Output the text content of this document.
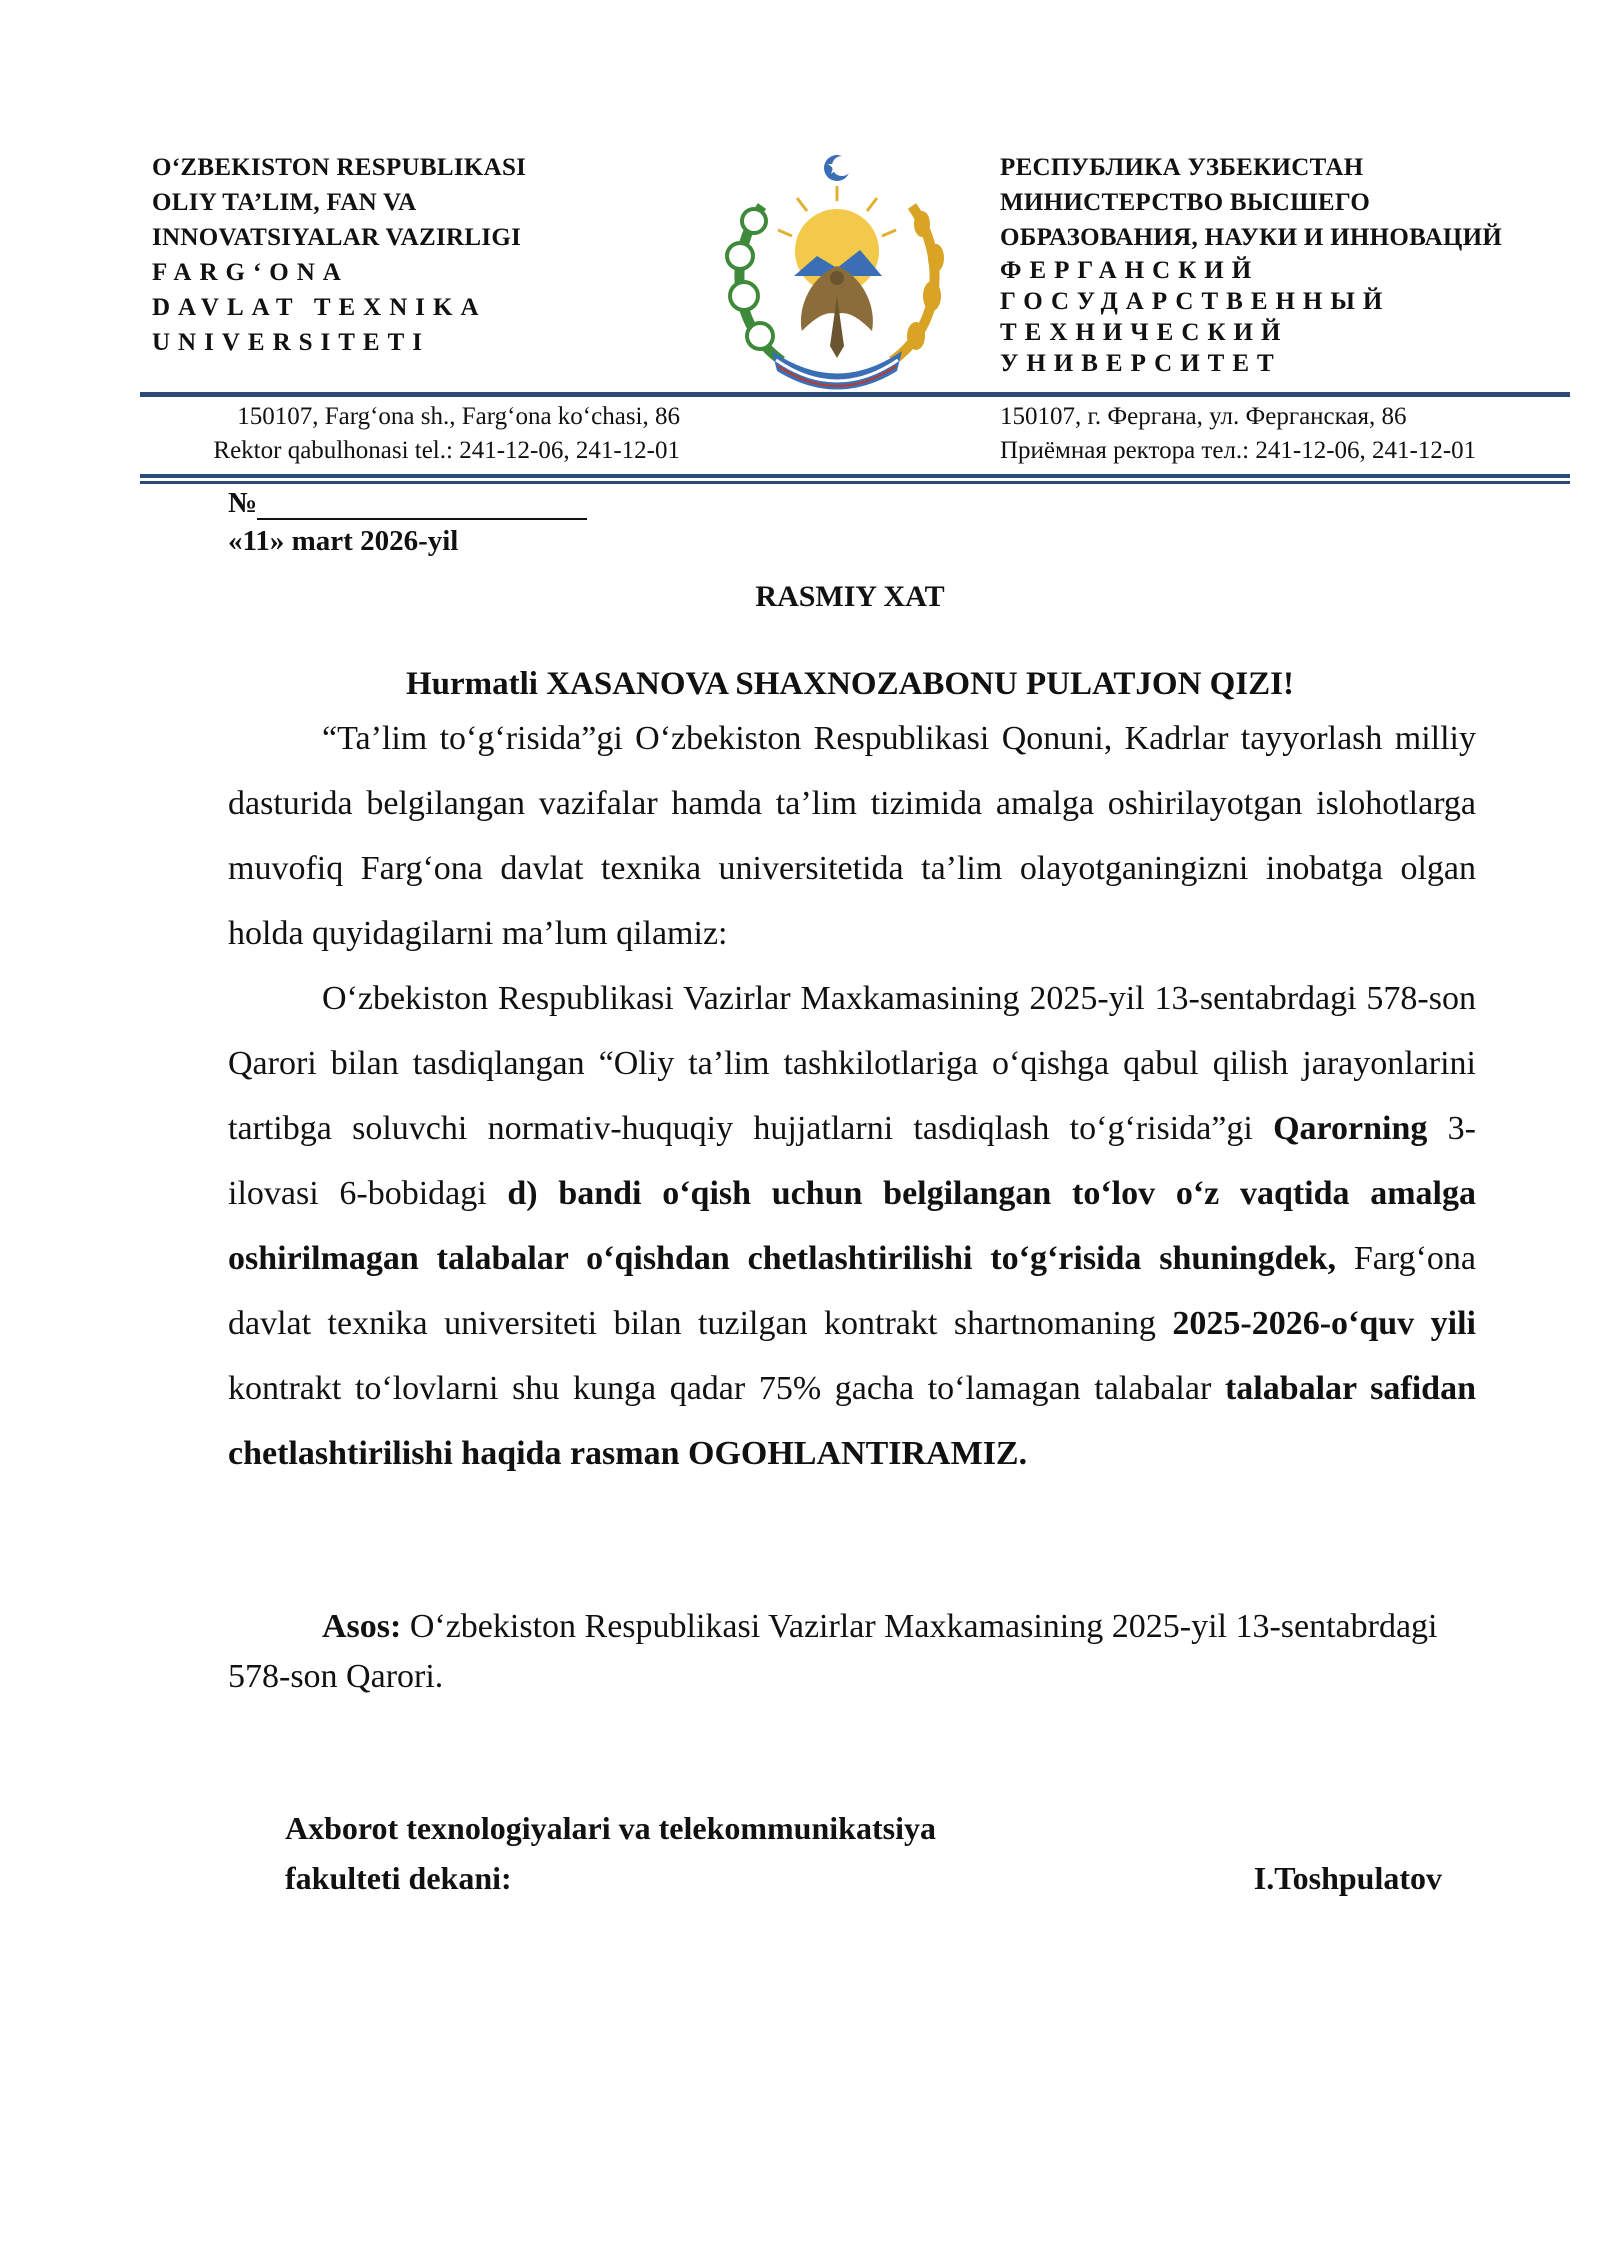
O‘ZBEKISTON RESPUBLIKASI
OLIY TA’LIM, FAN VA
INNOVATSIYALAR VAZIRLIGI
FARG‘ONA
DAVLAT TEXNIKA
UNIVERSITETI
РЕСПУБЛИКА УЗБЕКИСТАН
МИНИСТЕРСТВО ВЫСШЕГО
ОБРАЗОВАНИЯ, НАУКИ И ИННОВАЦИЙ
ФЕРГАНСКИЙ
ГОСУДАРСТВЕННЫЙ
ТЕХНИЧЕСКИЙ
УНИВЕРСИТЕТ
150107, Farg‘ona sh., Farg‘ona ko‘chasi, 86
Rektor qabulhonasi tel.: 241-12-06, 241-12-01
150107, г. Фергана, ул. Ферганская, 86
Приёмная ректора тел.: 241-12-06, 241-12-01
№
«11» mart 2026-yil
RASMIY XAT
Hurmatli XASANOVA SHAXNOZABONU PULATJON QIZI!

“Ta’lim to‘g‘risida”gi O‘zbekiston Respublikasi Qonuni, Kadrlar tayyorlash milliy dasturida belgilangan vazifalar hamda ta’lim tizimida amalga oshirilayotgan islohotlarga muvofiq Farg‘ona davlat texnika universitetida ta’lim olayotganingizni inobatga olgan holda quyidagilarni ma’lum qilamiz:

O‘zbekiston Respublikasi Vazirlar Maxkamasining 2025-yil 13-sentabrdagi 578-son Qarori bilan tasdiqlangan “Oliy ta’lim tashkilotlariga o‘qishga qabul qilish jarayonlarini tartibga soluvchi normativ-huquqiy hujjatlarni tasdiqlash to‘g‘risida”gi Qarorning 3-ilovasi 6-bobidagi d) bandi o‘qish uchun belgilangan to‘lov o‘z vaqtida amalga oshirilmagan talabalar o‘qishdan chetlashtirilishi to‘g‘risida shuningdek, Farg‘ona davlat texnika universiteti bilan tuzilgan kontrakt shartnomaning 2025-2026-o‘quv yili kontrakt to‘lovlarni shu kunga qadar 75% gacha to‘lamagan talabalar talabalar safidan chetlashtirilishi haqida rasman OGOHLANTIRAMIZ.

Asos: O‘zbekiston Respublikasi Vazirlar Maxkamasining 2025-yil 13-sentabrdagi 578-son Qarori.

Axborot texnologiyalari va telekommunikatsiya
fakulteti dekani:	I.Toshpulatov
